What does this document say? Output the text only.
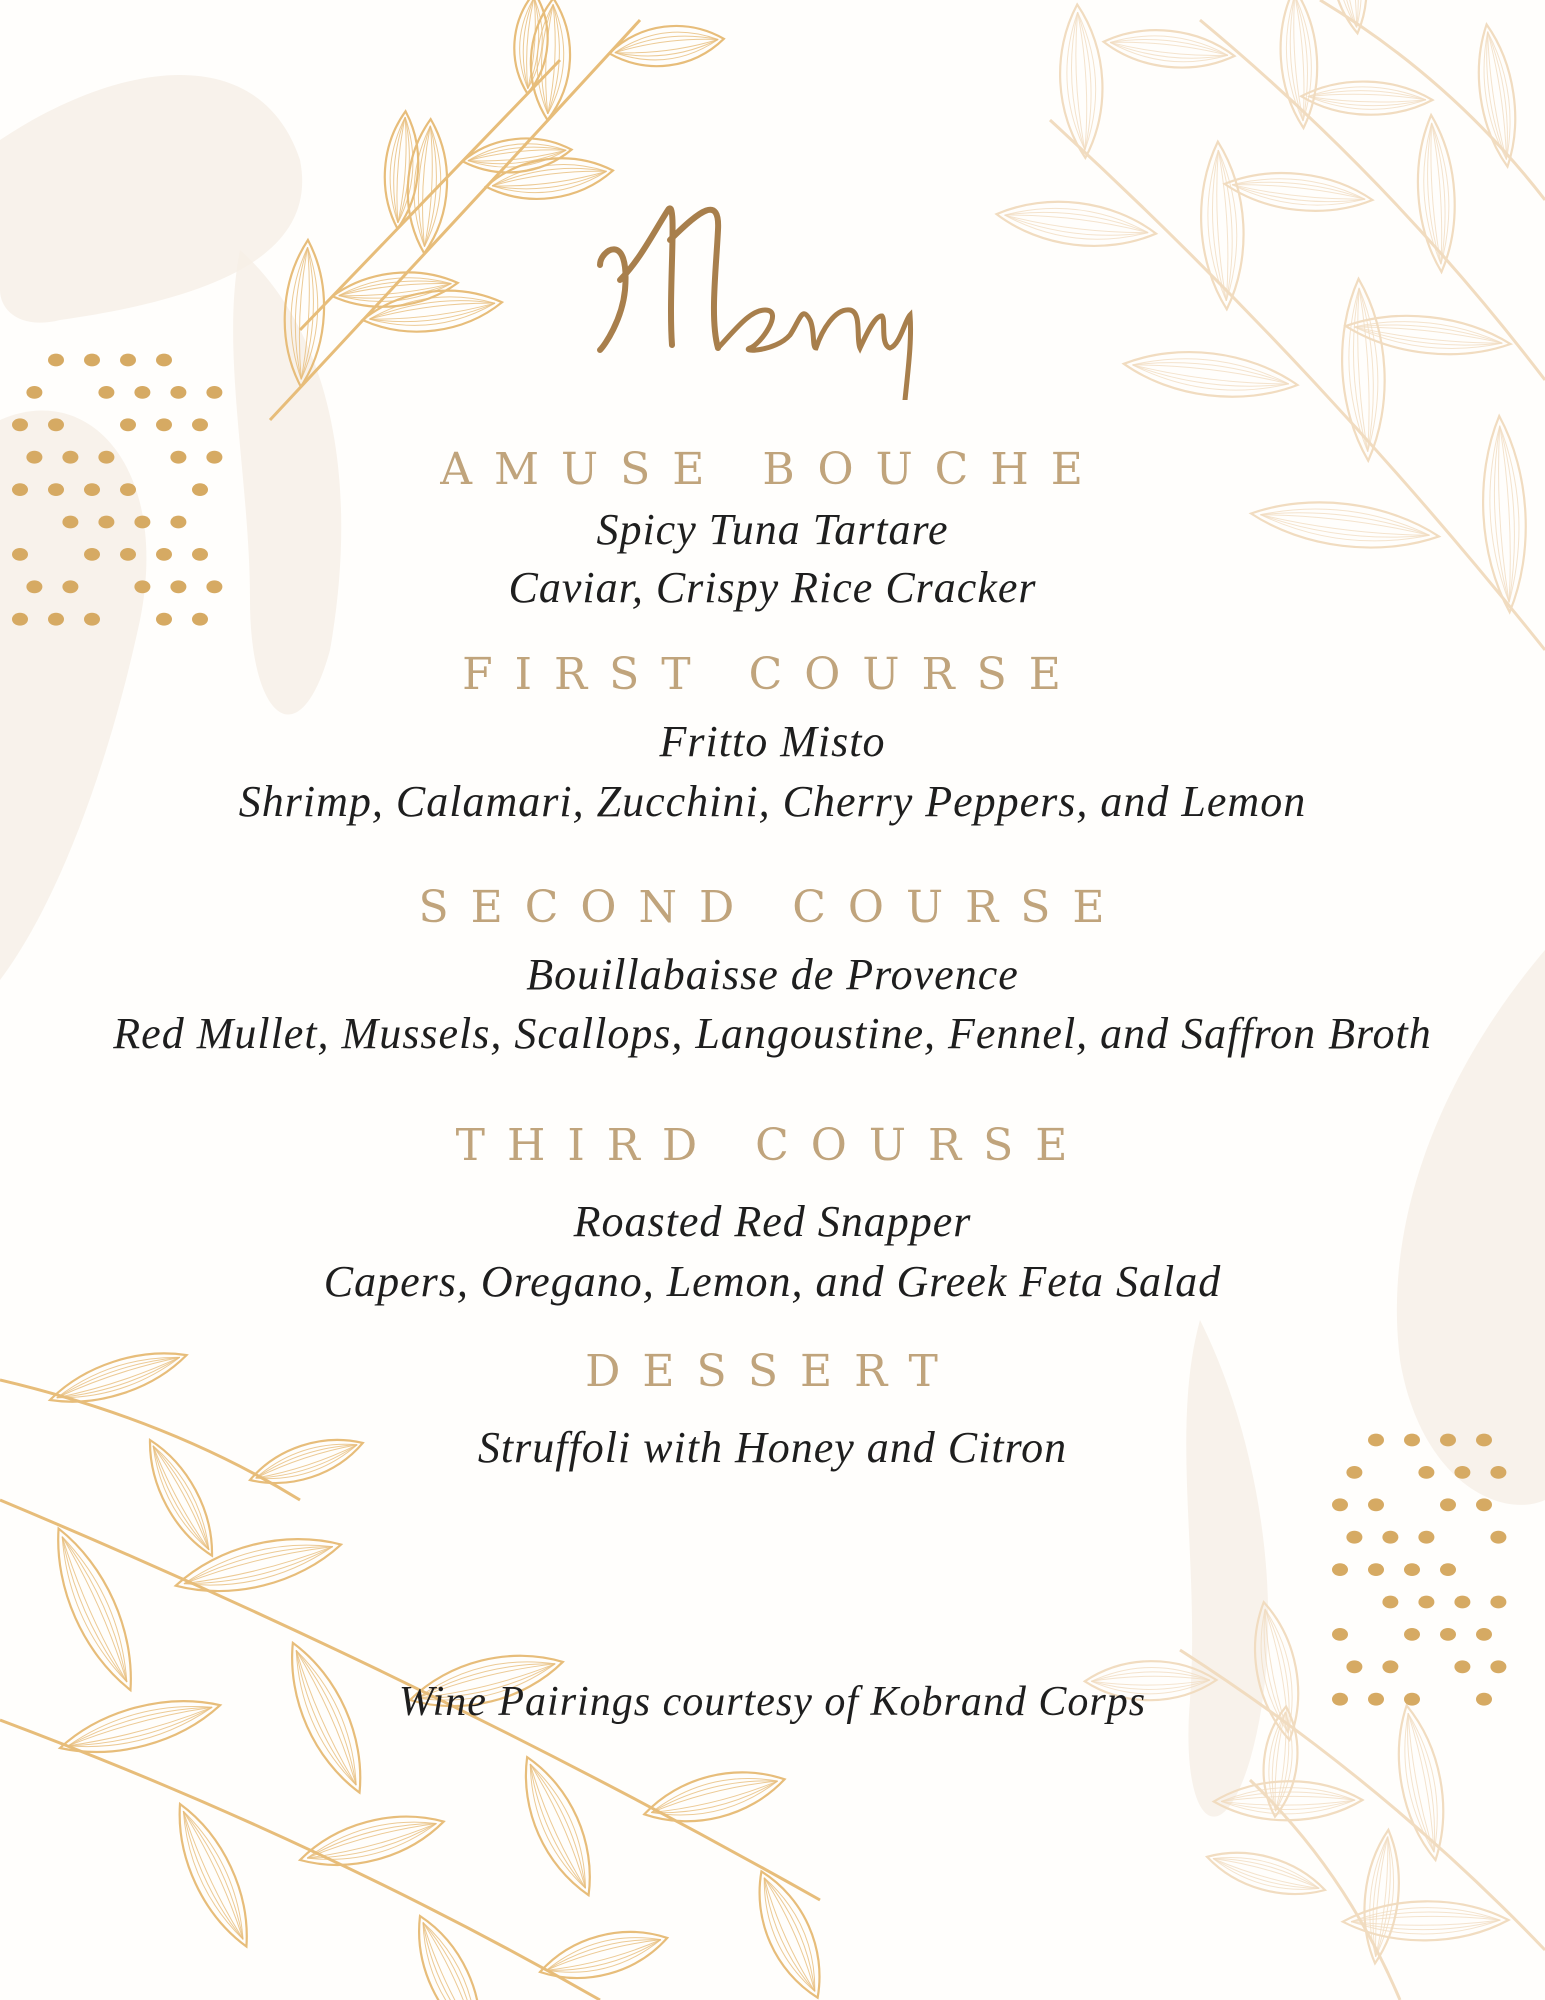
AMUSE BOUCHE
Spicy Tuna Tartare
Caviar, Crispy Rice Cracker
FIRST COURSE
Fritto Misto
Shrimp, Calamari, Zucchini, Cherry Peppers, and Lemon
SECOND COURSE
Bouillabaisse de Provence
Red Mullet, Mussels, Scallops, Langoustine, Fennel, and Saffron Broth
THIRD COURSE
Roasted Red Snapper
Capers, Oregano, Lemon, and Greek Feta Salad
DESSERT
Struffoli with Honey and Citron
Wine Pairings courtesy of Kobrand Corps
